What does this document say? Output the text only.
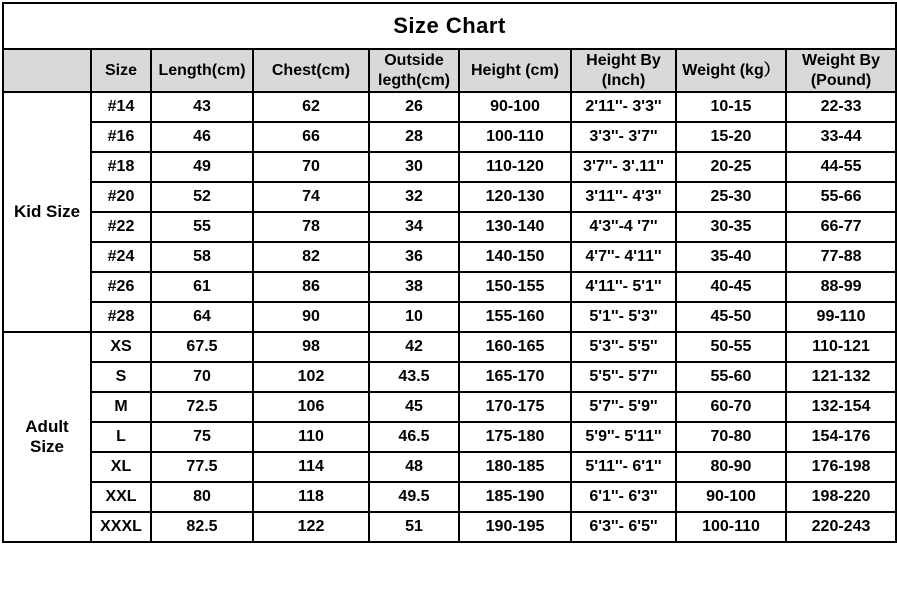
Size Chart								
	Size	Length(cm)	Chest(cm)	Outside legth(cm)	Height (cm)	Height By (Inch)	Weight (kg）	Weight By (Pound)
Kid Size	#14	43	62	26	90-100	2'11''- 3'3''	10-15	22-33
	#16	46	66	28	100-110	3'3''- 3'7''	15-20	33-44
	#18	49	70	30	110-120	3'7''- 3'.11''	20-25	44-55
	#20	52	74	32	120-130	3'11''- 4'3''	25-30	55-66
	#22	55	78	34	130-140	4'3''-4 '7''	30-35	66-77
	#24	58	82	36	140-150	4'7''- 4'11''	35-40	77-88
	#26	61	86	38	150-155	4'11''- 5'1''	40-45	88-99
	#28	64	90	10	155-160	5'1''- 5'3''	45-50	99-110
Adult Size	XS	67.5	98	42	160-165	5'3''- 5'5''	50-55	110-121
	S	70	102	43.5	165-170	5'5''- 5'7''	55-60	121-132
	M	72.5	106	45	170-175	5'7''- 5'9''	60-70	132-154
	L	75	110	46.5	175-180	5'9''- 5'11''	70-80	154-176
	XL	77.5	114	48	180-185	5'11''- 6'1''	80-90	176-198
	XXL	80	118	49.5	185-190	6'1''- 6'3''	90-100	198-220
	XXXL	82.5	122	51	190-195	6'3''- 6'5''	100-110	220-243
